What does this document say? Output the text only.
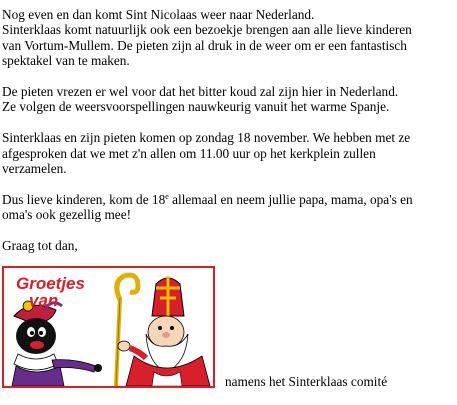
Nog even en dan komt Sint Nicolaas weer naar Nederland.
Sinterklaas komt natuurlijk ook een bezoekje brengen aan alle lieve kinderen
van Vortum-Mullem. De pieten zijn al druk in de weer om er een fantastisch
spektakel van te maken.

De pieten vrezen er wel voor dat het bitter koud zal zijn hier in Nederland.
Ze volgen de weersvoorspellingen nauwkeurig vanuit het warme Spanje.

Sinterklaas en zijn pieten komen op zondag 18 november. We hebben met ze
afgesproken dat we met z'n allen om 11.00 uur op het kerkplein zullen
verzamelen.

Dus lieve kinderen, kom de 18e allemaal en neem jullie papa, mama, opa's en
oma's ook gezellig mee!

Graag tot dan,

Groetjes
van
namens het Sinterklaas comité
